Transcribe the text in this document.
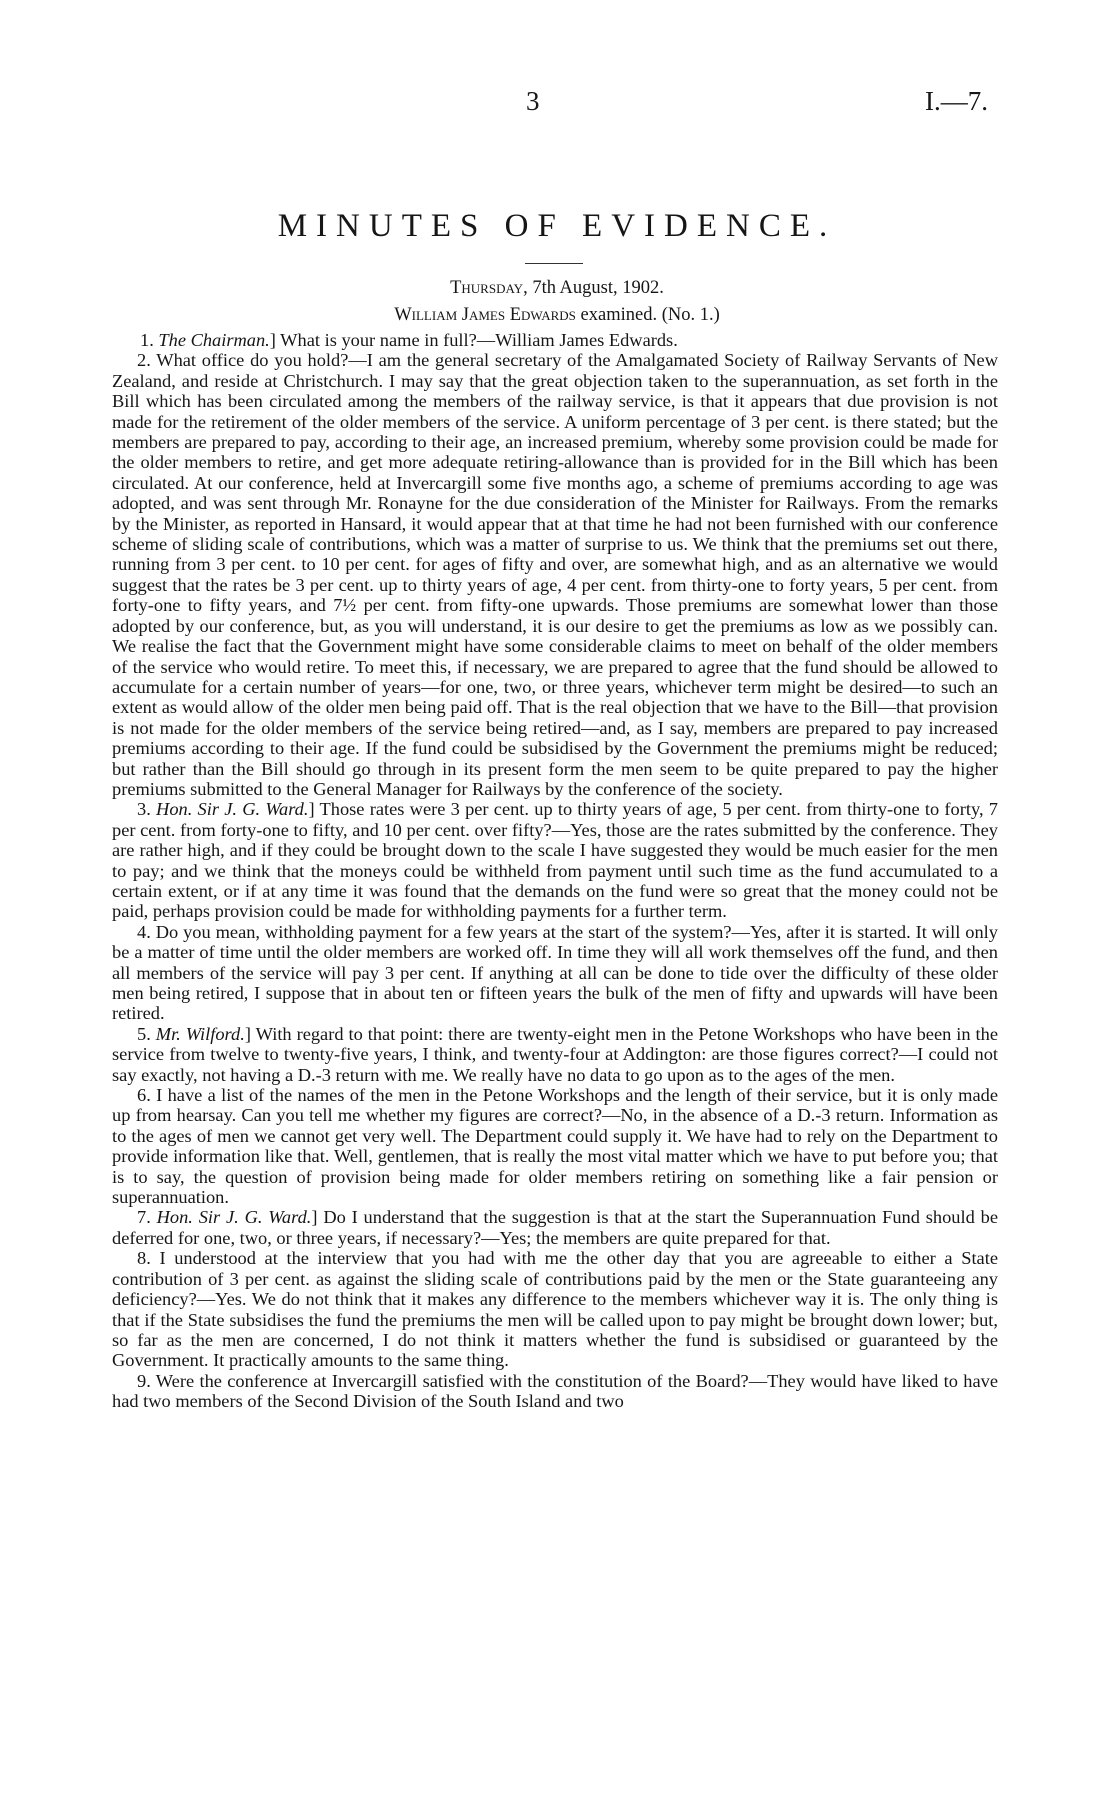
3	I.—7.
MINUTES OF EVIDENCE.
Thursday, 7th August, 1902.
William James Edwards examined. (No. 1.)

1. The Chairman.] What is your name in full?—William James Edwards.

2. What office do you hold?—I am the general secretary of the Amalgamated Society of Railway Servants of New Zealand, and reside at Christchurch. I may say that the great objection taken to the superannuation, as set forth in the Bill which has been circulated among the members of the railway service, is that it appears that due provision is not made for the retirement of the older members of the service. A uniform percentage of 3 per cent. is there stated; but the members are prepared to pay, according to their age, an increased premium, whereby some provision could be made for the older members to retire, and get more adequate retiring-allowance than is provided for in the Bill which has been circulated. At our conference, held at Invercargill some five months ago, a scheme of premiums according to age was adopted, and was sent through Mr. Ronayne for the due consideration of the Minister for Railways. From the remarks by the Minister, as reported in Hansard, it would appear that at that time he had not been furnished with our conference scheme of sliding scale of contributions, which was a matter of surprise to us. We think that the premiums set out there, running from 3 per cent. to 10 per cent. for ages of fifty and over, are somewhat high, and as an alternative we would suggest that the rates be 3 per cent. up to thirty years of age, 4 per cent. from thirty-one to forty years, 5 per cent. from forty-one to fifty years, and 7½ per cent. from fifty-one upwards. Those premiums are somewhat lower than those adopted by our conference, but, as you will understand, it is our desire to get the premiums as low as we possibly can. We realise the fact that the Government might have some considerable claims to meet on behalf of the older members of the service who would retire. To meet this, if necessary, we are prepared to agree that the fund should be allowed to accumulate for a certain number of years—for one, two, or three years, whichever term might be desired—to such an extent as would allow of the older men being paid off. That is the real objection that we have to the Bill—that provision is not made for the older members of the service being retired—and, as I say, members are prepared to pay increased premiums according to their age. If the fund could be subsidised by the Government the premiums might be reduced; but rather than the Bill should go through in its present form the men seem to be quite prepared to pay the higher premiums submitted to the General Manager for Railways by the conference of the society.

3. Hon. Sir J. G. Ward.] Those rates were 3 per cent. up to thirty years of age, 5 per cent. from thirty-one to forty, 7 per cent. from forty-one to fifty, and 10 per cent. over fifty?—Yes, those are the rates submitted by the conference. They are rather high, and if they could be brought down to the scale I have suggested they would be much easier for the men to pay; and we think that the moneys could be withheld from payment until such time as the fund accumulated to a certain extent, or if at any time it was found that the demands on the fund were so great that the money could not be paid, perhaps provision could be made for withholding payments for a further term.

4. Do you mean, withholding payment for a few years at the start of the system?—Yes, after it is started. It will only be a matter of time until the older members are worked off. In time they will all work themselves off the fund, and then all members of the service will pay 3 per cent. If anything at all can be done to tide over the difficulty of these older men being retired, I suppose that in about ten or fifteen years the bulk of the men of fifty and upwards will have been retired.

5. Mr. Wilford.] With regard to that point: there are twenty-eight men in the Petone Workshops who have been in the service from twelve to twenty-five years, I think, and twenty-four at Addington: are those figures correct?—I could not say exactly, not having a D.-3 return with me. We really have no data to go upon as to the ages of the men.

6. I have a list of the names of the men in the Petone Workshops and the length of their service, but it is only made up from hearsay. Can you tell me whether my figures are correct?—No, in the absence of a D.-3 return. Information as to the ages of men we cannot get very well. The Department could supply it. We have had to rely on the Department to provide information like that. Well, gentlemen, that is really the most vital matter which we have to put before you; that is to say, the question of provision being made for older members retiring on something like a fair pension or superannuation.

7. Hon. Sir J. G. Ward.] Do I understand that the suggestion is that at the start the Superannuation Fund should be deferred for one, two, or three years, if necessary?—Yes; the members are quite prepared for that.

8. I understood at the interview that you had with me the other day that you are agreeable to either a State contribution of 3 per cent. as against the sliding scale of contributions paid by the men or the State guaranteeing any deficiency?—Yes. We do not think that it makes any difference to the members whichever way it is. The only thing is that if the State subsidises the fund the premiums the men will be called upon to pay might be brought down lower; but, so far as the men are concerned, I do not think it matters whether the fund is subsidised or guaranteed by the Government. It practically amounts to the same thing.

9. Were the conference at Invercargill satisfied with the constitution of the Board?—They would have liked to have had two members of the Second Division of the South Island and two
